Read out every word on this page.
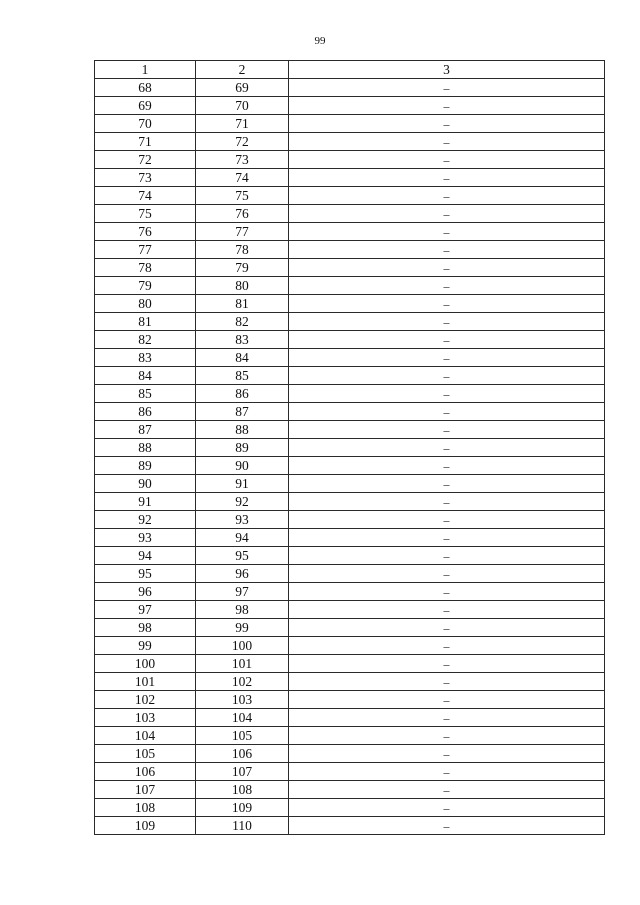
99
1	2	3
68	69	–
69	70	–
70	71	–
71	72	–
72	73	–
73	74	–
74	75	–
75	76	–
76	77	–
77	78	–
78	79	–
79	80	–
80	81	–
81	82	–
82	83	–
83	84	–
84	85	–
85	86	–
86	87	–
87	88	–
88	89	–
89	90	–
90	91	–
91	92	–
92	93	–
93	94	–
94	95	–
95	96	–
96	97	–
97	98	–
98	99	–
99	100	–
100	101	–
101	102	–
102	103	–
103	104	–
104	105	–
105	106	–
106	107	–
107	108	–
108	109	–
109	110	–
